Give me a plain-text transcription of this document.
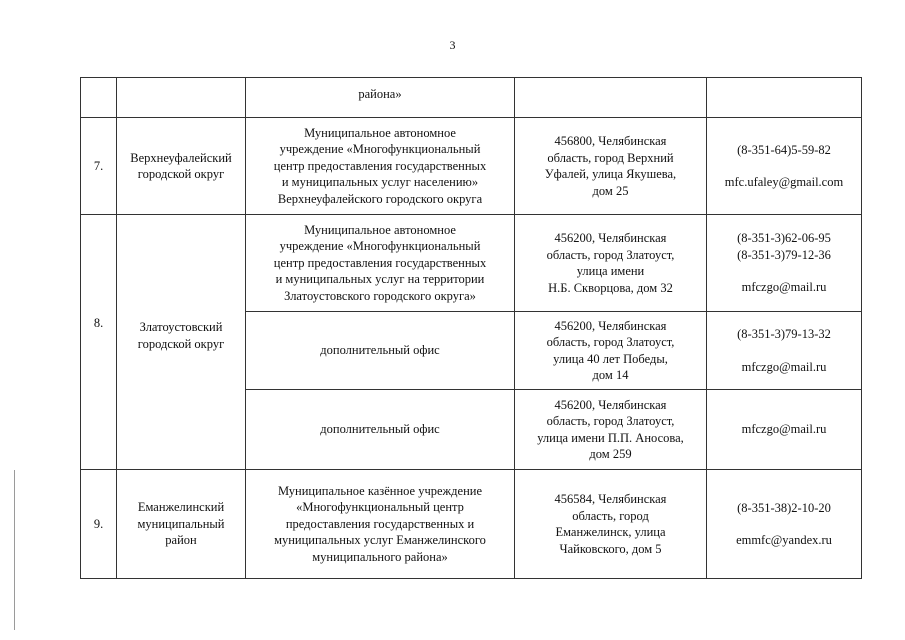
3

		района»		

7.	Верхнеуфалейский
городской округ	Муниципальное автономное
учреждение «Многофункциональный
центр предоставления государственных
и муниципальных услуг населению»
Верхнеуфалейского городского округа	456800, Челябинская
область, город Верхний
Уфалей, улица Якушева,
дом 25	(8-351-64)5-59-82
mfc.ufaley@gmail.com

8.	Златоустовский
городской округ	Муниципальное автономное
учреждение «Многофункциональный
центр предоставления государственных
и муниципальных услуг на территории
Златоустовского городского округа»	456200, Челябинская
область, город Златоуст,
улица имени
Н.Б. Скворцова, дом 32	(8-351-3)62-06-95
(8-351-3)79-12-36
mfczgo@mail.ru

		дополнительный офис	456200, Челябинская
область, город Златоуст,
улица 40 лет Победы,
дом 14	(8-351-3)79-13-32
mfczgo@mail.ru

		дополнительный офис	456200, Челябинская
область, город Златоуст,
улица имени П.П. Аносова,
дом 259	mfczgo@mail.ru

9.	Еманжелинский
муниципальный
район	Муниципальное казённое учреждение
«Многофункциональный центр
предоставления государственных и
муниципальных услуг Еманжелинского
муниципального района»	456584, Челябинская
область, город
Еманжелинск, улица
Чайковского, дом 5	(8-351-38)2-10-20
emmfc@yandex.ru
